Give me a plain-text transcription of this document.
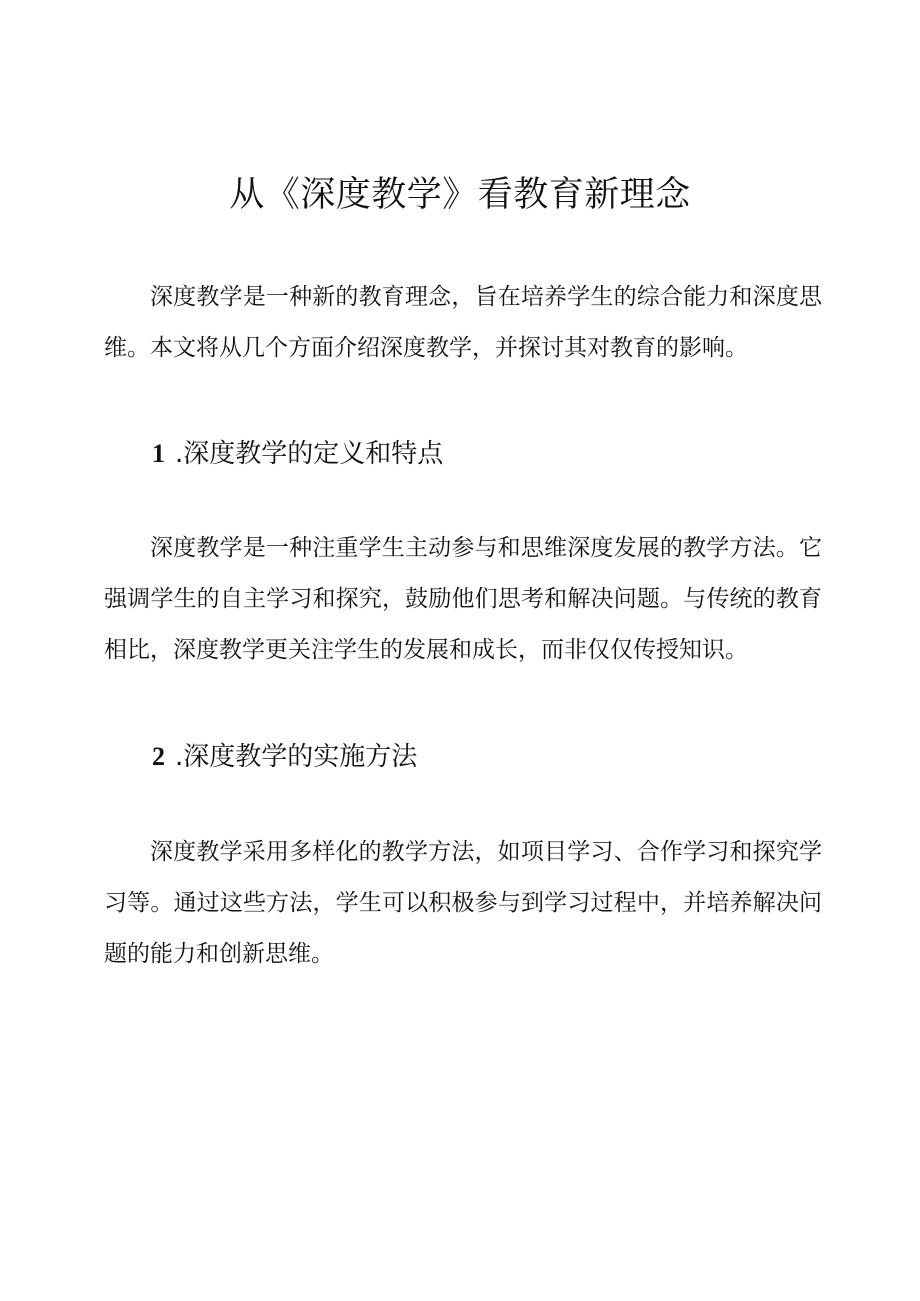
从《深度教学》看教育新理念

深度教学是一种新的教育理念，旨在培养学生的综合能力和深度思维。本文将从几个方面介绍深度教学，并探讨其对教育的影响。

1 .深度教学的定义和特点

深度教学是一种注重学生主动参与和思维深度发展的教学方法。它强调学生的自主学习和探究，鼓励他们思考和解决问题。与传统的教育相比，深度教学更关注学生的发展和成长，而非仅仅传授知识。

2 .深度教学的实施方法

深度教学采用多样化的教学方法，如项目学习、合作学习和探究学习等。通过这些方法，学生可以积极参与到学习过程中，并培养解决问题的能力和创新思维。
